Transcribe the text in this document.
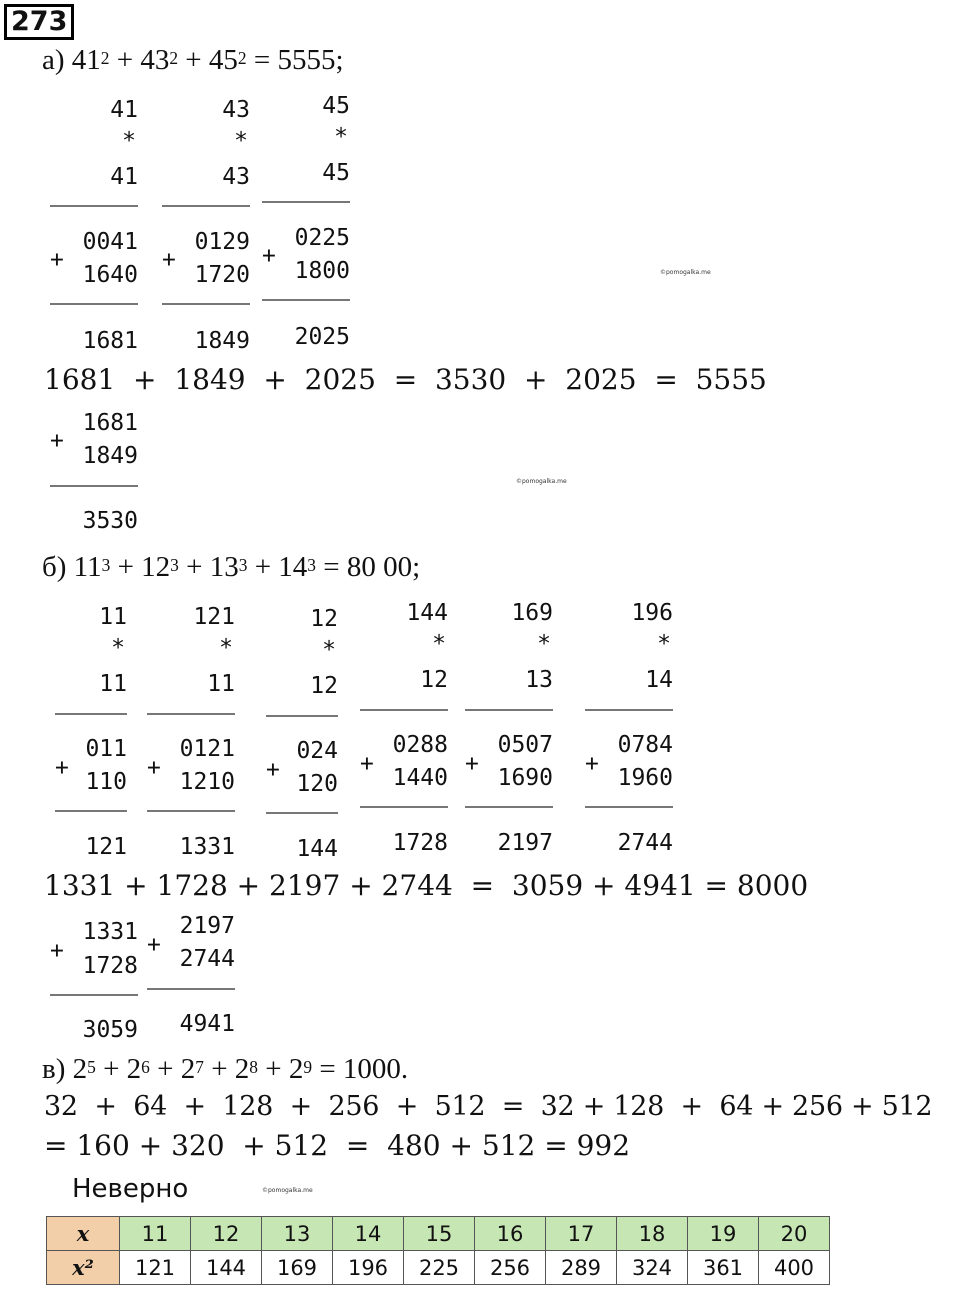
273
а) $41^2 + 43^2 + 45^2 = 5555$;
41
*
41
+
0041
1640
1681
43
*
43
+
0129
1720
1849
45
*
45
+
0225
1800
2025
©pomogalka.me
1681  +  1849  +  2025  =  3530  +  2025  =  5555
+
1681
1849
3530
©pomogalka.me
б) $11^3 + 12^3 + 13^3 + 14^3 = 80$ 00;
11
*
11
+
011
110
121
121
*
11
+
0121
1210
1331
12
*
12
+
024
120
144
144
*
12
+
0288
1440
1728
169
*
13
+
0507
1690
2197
196
*
14
+
0784
1960
2744
1331 + 1728 + 2197 + 2744  =  3059 + 4941 = 8000
+
1331
1728
3059
+
2197
2744
4941
в) $2^5 + 2^6 + 2^7 + 2^8 + 2^9 = 1000$.
32  +  64  +  128  +  256  +  512  =  32 + 128  +  64 + 256 + 512
= 160 + 320  + 512  =  480 + 512 = 992
Неверно	©pomogalka.me
x	11	12	13	14	15	16	17	18	19	20
x²	121	144	169	196	225	256	289	324	361	400
